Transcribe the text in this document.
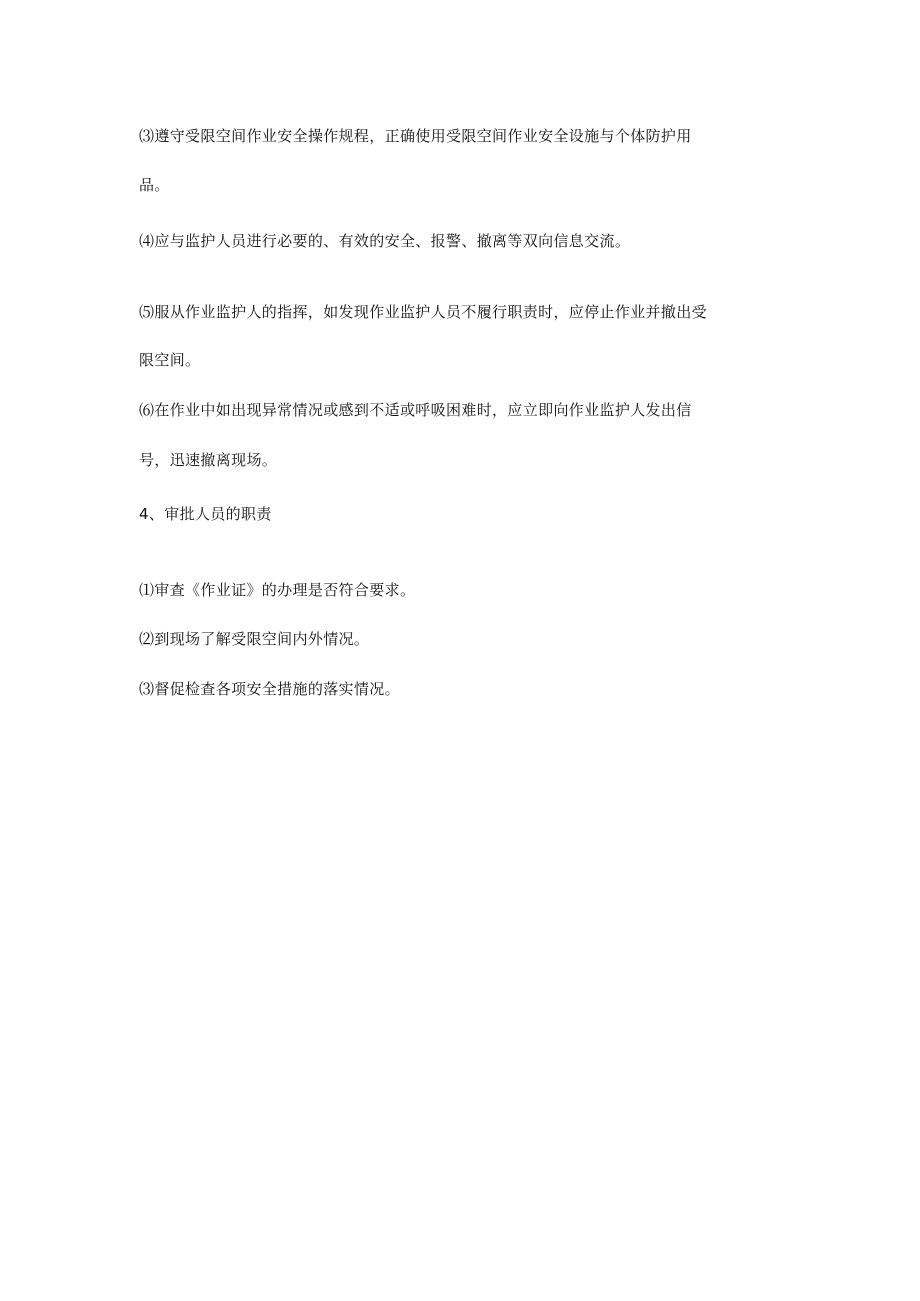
⑶遵守受限空间作业安全操作规程，正确使用受限空间作业安全设施与个体防护用
品。
⑷应与监护人员进行必要的、有效的安全、报警、撤离等双向信息交流。
⑸服从作业监护人的指挥，如发现作业监护人员不履行职责时，应停止作业并撤出受
限空间。
⑹在作业中如出现异常情况或感到不适或呼吸困难时，应立即向作业监护人发出信
号，迅速撤离现场。
4、审批人员的职责
⑴审查《作业证》的办理是否符合要求。
⑵到现场了解受限空间内外情况。
⑶督促检查各项安全措施的落实情况。
